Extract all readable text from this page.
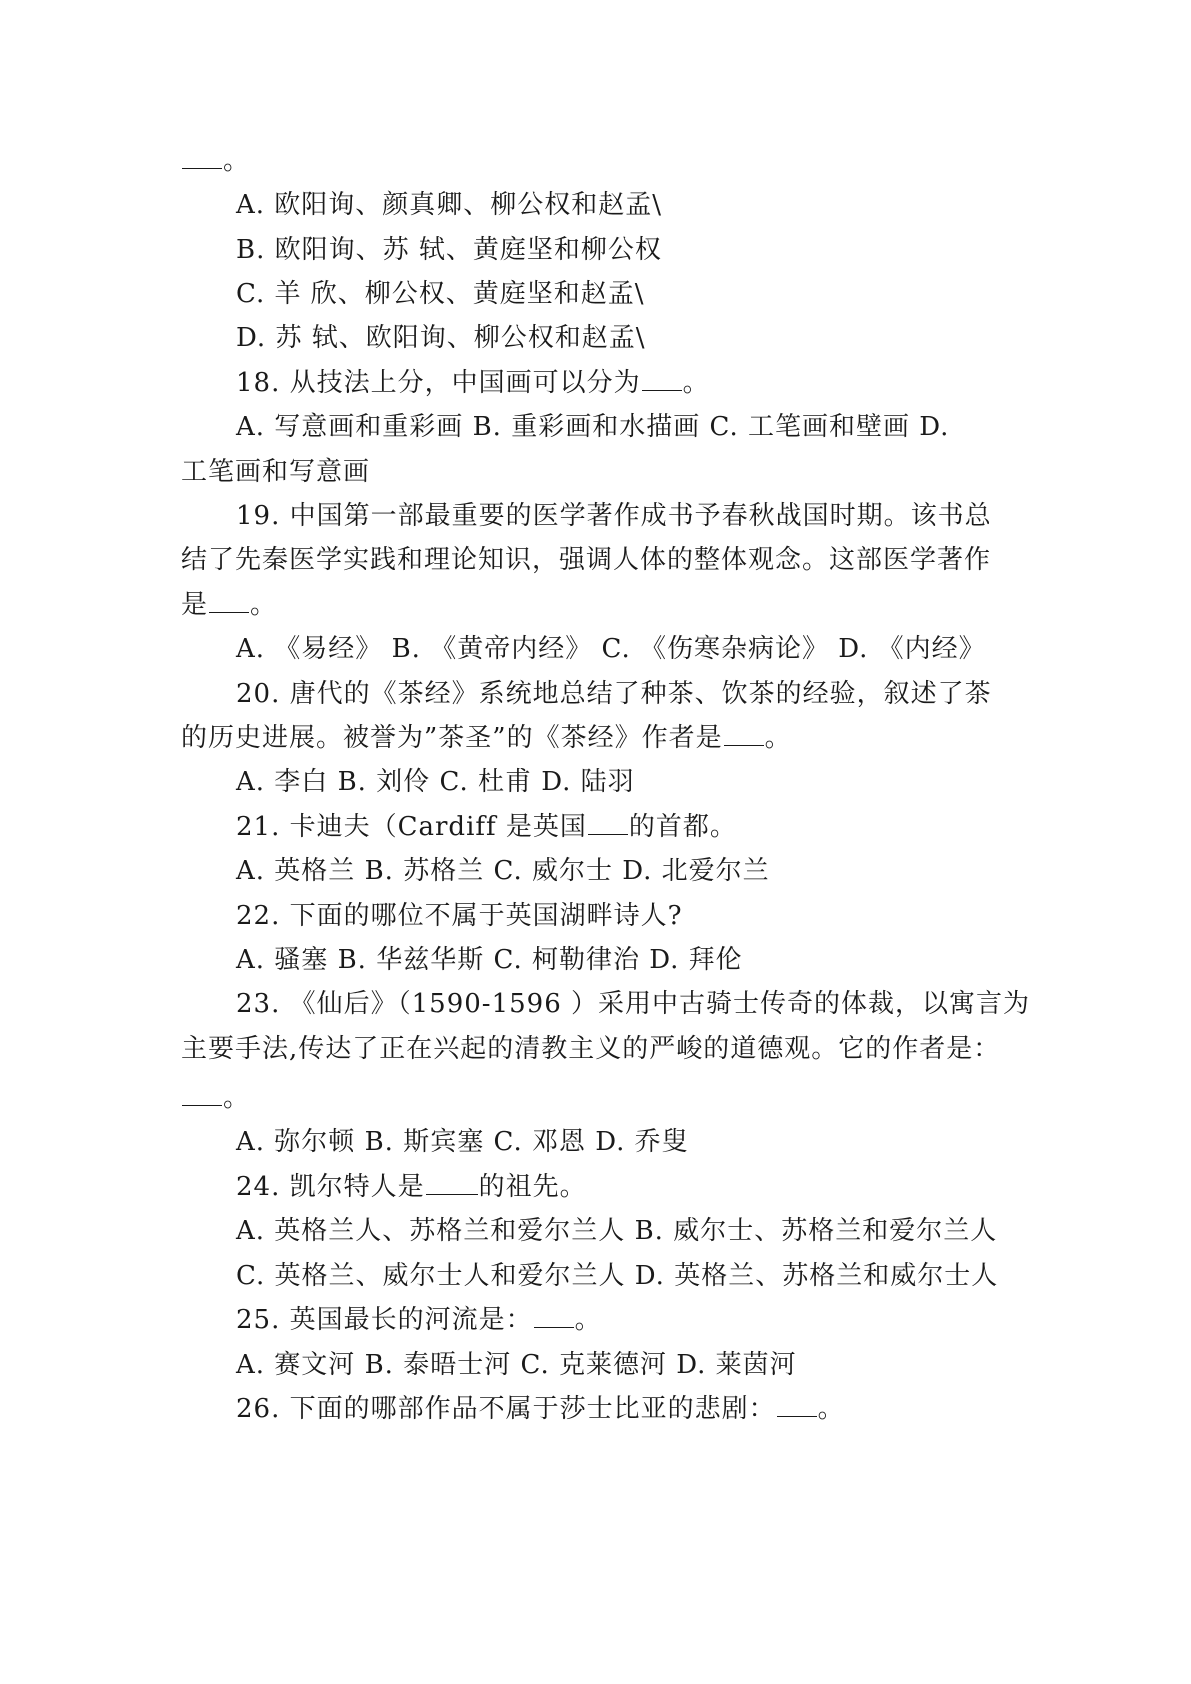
。
A. 欧阳询、颜真卿、柳公权和赵孟\
B. 欧阳询、苏 轼、黄庭坚和柳公权
C. 羊 欣、柳公权、黄庭坚和赵孟\
D. 苏 轼、欧阳询、柳公权和赵孟\
18. 从技法上分，中国画可以分为 。
A. 写意画和重彩画 B. 重彩画和水描画 C. 工笔画和壁画 D.
工笔画和写意画
19. 中国第一部最重要的医学著作成书予春秋战国时期。该书总
结了先秦医学实践和理论知识，强调人体的整体观念。这部医学著作
是 。
A. 《易经》 B. 《黄帝内经》 C. 《伤寒杂病论》 D. 《内经》
20. 唐代的《茶经》系统地总结了种茶、饮茶的经验，叙述了茶
的历史进展。被誉为”茶圣”的《茶经》作者是 。
A. 李白 B. 刘伶 C. 杜甫 D. 陆羽
21. 卡迪夫（Cardiff 是英国 的首都。
A. 英格兰 B. 苏格兰 C. 威尔士 D. 北爱尔兰
22. 下面的哪位不属于英国湖畔诗人?
A. 骚塞 B. 华兹华斯 C. 柯勒律治 D. 拜伦
23. 《仙后》（1590-1596 ）采用中古骑士传奇的体裁，以寓言为
主要手法,传达了正在兴起的清教主义的严峻的道德观。它的作者是：
。
A. 弥尔顿 B. 斯宾塞 C. 邓恩 D. 乔叟
24. 凯尔特人是 的祖先。
A. 英格兰人、苏格兰和爱尔兰人 B. 威尔士、苏格兰和爱尔兰人
C. 英格兰、威尔士人和爱尔兰人 D. 英格兰、苏格兰和威尔士人
25. 英国最长的河流是： 。
A. 赛文河 B. 泰晤士河 C. 克莱德河 D. 莱茵河
26. 下面的哪部作品不属于莎士比亚的悲剧： 。
